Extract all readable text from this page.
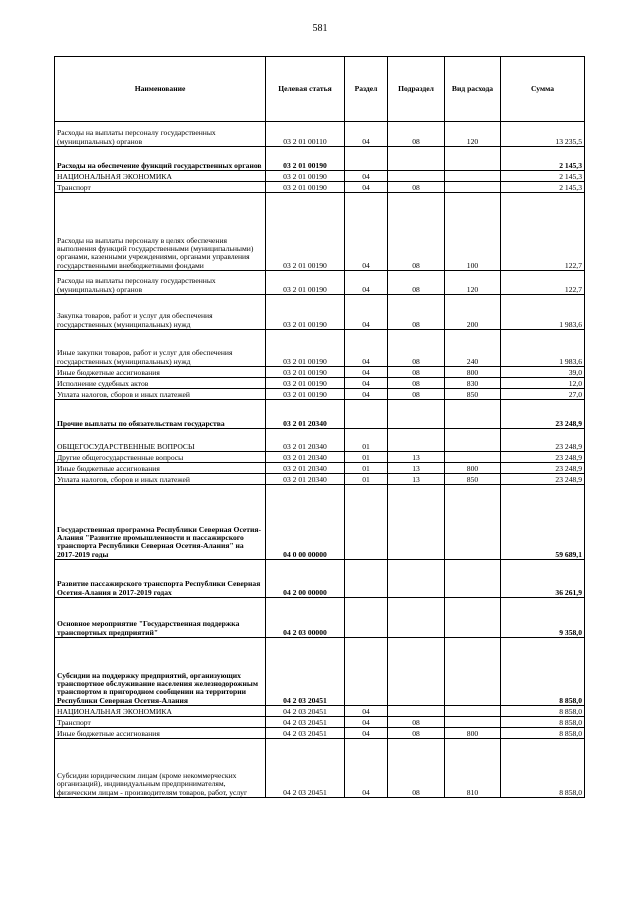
581
Наименование	Целевая статья	Раздел	Подраздел	Вид расхода	Сумма
Расходы на выплаты персоналу государственных (муниципальных) органов	03 2 01 00110	04	08	120	13 235,5
Расходы на обеспечение функций государственных органов	03 2 01 00190				2 145,3
НАЦИОНАЛЬНАЯ ЭКОНОМИКА	03 2 01 00190	04			2 145,3
Транспорт	03 2 01 00190	04	08		2 145,3
Расходы на выплаты персоналу в целях обеспечения выполнения функций государственными (муниципальными) органами, казенными учреждениями, органами управления государственными внебюджетными фондами	03 2 01 00190	04	08	100	122,7
Расходы на выплаты персоналу государственных (муниципальных) органов	03 2 01 00190	04	08	120	122,7
Закупка товаров, работ и услуг для обеспечения государственных (муниципальных) нужд	03 2 01 00190	04	08	200	1 983,6
Иные закупки товаров, работ и услуг для обеспечения государственных (муниципальных) нужд	03 2 01 00190	04	08	240	1 983,6
Иные бюджетные ассигнования	03 2 01 00190	04	08	800	39,0
Исполнение судебных актов	03 2 01 00190	04	08	830	12,0
Уплата налогов, сборов и иных платежей	03 2 01 00190	04	08	850	27,0
Прочие выплаты по обязательствам государства	03 2 01 20340				23 248,9
ОБЩЕГОСУДАРСТВЕННЫЕ ВОПРОСЫ	03 2 01 20340	01			23 248,9
Другие общегосударственные вопросы	03 2 01 20340	01	13		23 248,9
Иные бюджетные ассигнования	03 2 01 20340	01	13	800	23 248,9
Уплата налогов, сборов и иных платежей	03 2 01 20340	01	13	850	23 248,9
Государственная программа Республики Северная Осетия-Алания "Развитие промышленности и пассажирского транспорта Республики Северная Осетия-Алания" на 2017-2019 годы	04 0 00 00000				59 689,1
Развитие пассажирского транспорта Республики Северная Осетия-Алания в 2017-2019 годах	04 2 00 00000				36 261,9
Основное мероприятие "Государственная поддержка транспортных предприятий"	04 2 03 00000				9 358,0
Субсидии на поддержку предприятий, организующих транспортное обслуживание населения железнодорожным транспортом в пригородном сообщении на территории Республики Северная Осетия-Алания	04 2 03 20451				8 858,0
НАЦИОНАЛЬНАЯ ЭКОНОМИКА	04 2 03 20451	04			8 858,0
Транспорт	04 2 03 20451	04	08		8 858,0
Иные бюджетные ассигнования	04 2 03 20451	04	08	800	8 858,0
Субсидии юридическим лицам (кроме некоммерческих организаций), индивидуальным предпринимателям, физическим лицам - производителям товаров, работ, услуг	04 2 03 20451	04	08	810	8 858,0
